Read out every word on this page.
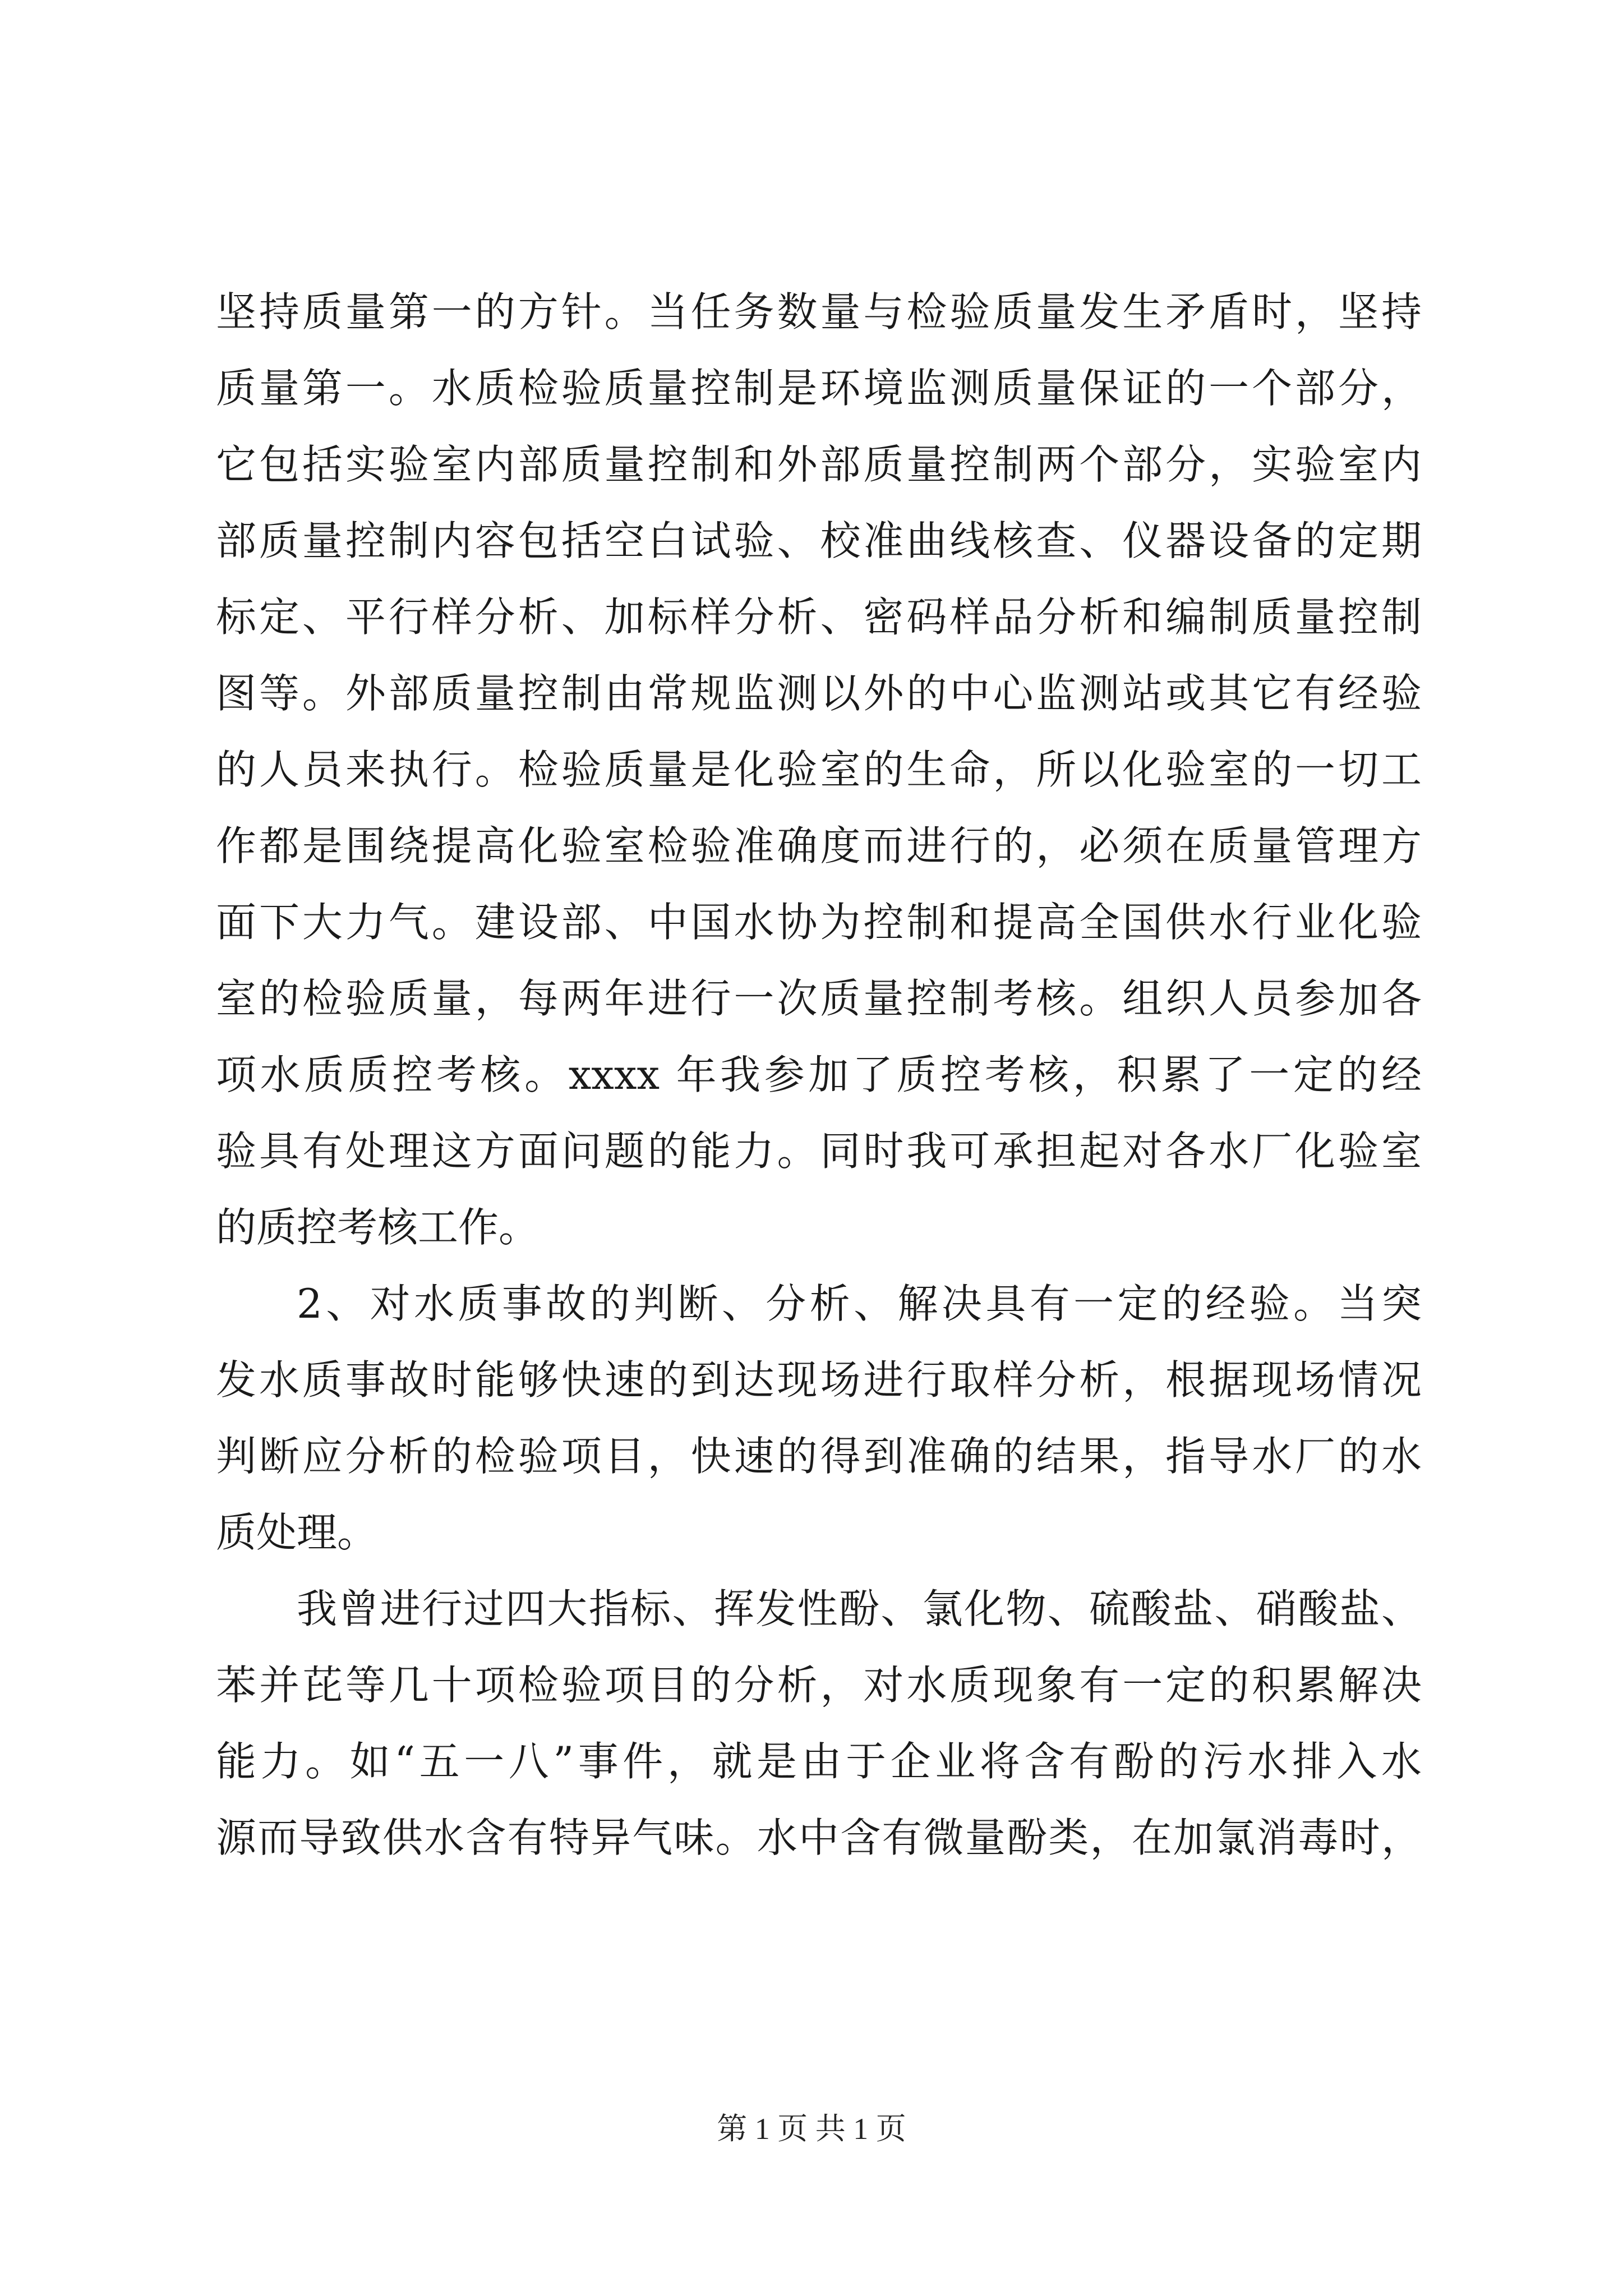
坚持质量第一的方针。当任务数量与检验质量发生矛盾时，坚持
质量第一。水质检验质量控制是环境监测质量保证的一个部分，
它包括实验室内部质量控制和外部质量控制两个部分，实验室内
部质量控制内容包括空白试验、校准曲线核查、仪器设备的定期
标定、平行样分析、加标样分析、密码样品分析和编制质量控制
图等。外部质量控制由常规监测以外的中心监测站或其它有经验
的人员来执行。检验质量是化验室的生命，所以化验室的一切工
作都是围绕提高化验室检验准确度而进行的，必须在质量管理方
面下大力气。建设部、中国水协为控制和提高全国供水行业化验
室的检验质量，每两年进行一次质量控制考核。组织人员参加各
项水质质控考核。xxxx 年我参加了质控考核，积累了一定的经
验具有处理这方面问题的能力。同时我可承担起对各水厂化验室
的质控考核工作。
2、对水质事故的判断、分析、解决具有一定的经验。当突
发水质事故时能够快速的到达现场进行取样分析，根据现场情况
判断应分析的检验项目，快速的得到准确的结果，指导水厂的水
质处理。
我曾进行过四大指标、挥发性酚、氯化物、硫酸盐、硝酸盐、
苯并芘等几十项检验项目的分析，对水质现象有一定的积累解决
能力。如“五一八”事件，就是由于企业将含有酚的污水排入水
源而导致供水含有特异气味。水中含有微量酚类，在加氯消毒时，
第 1 页 共 1 页
